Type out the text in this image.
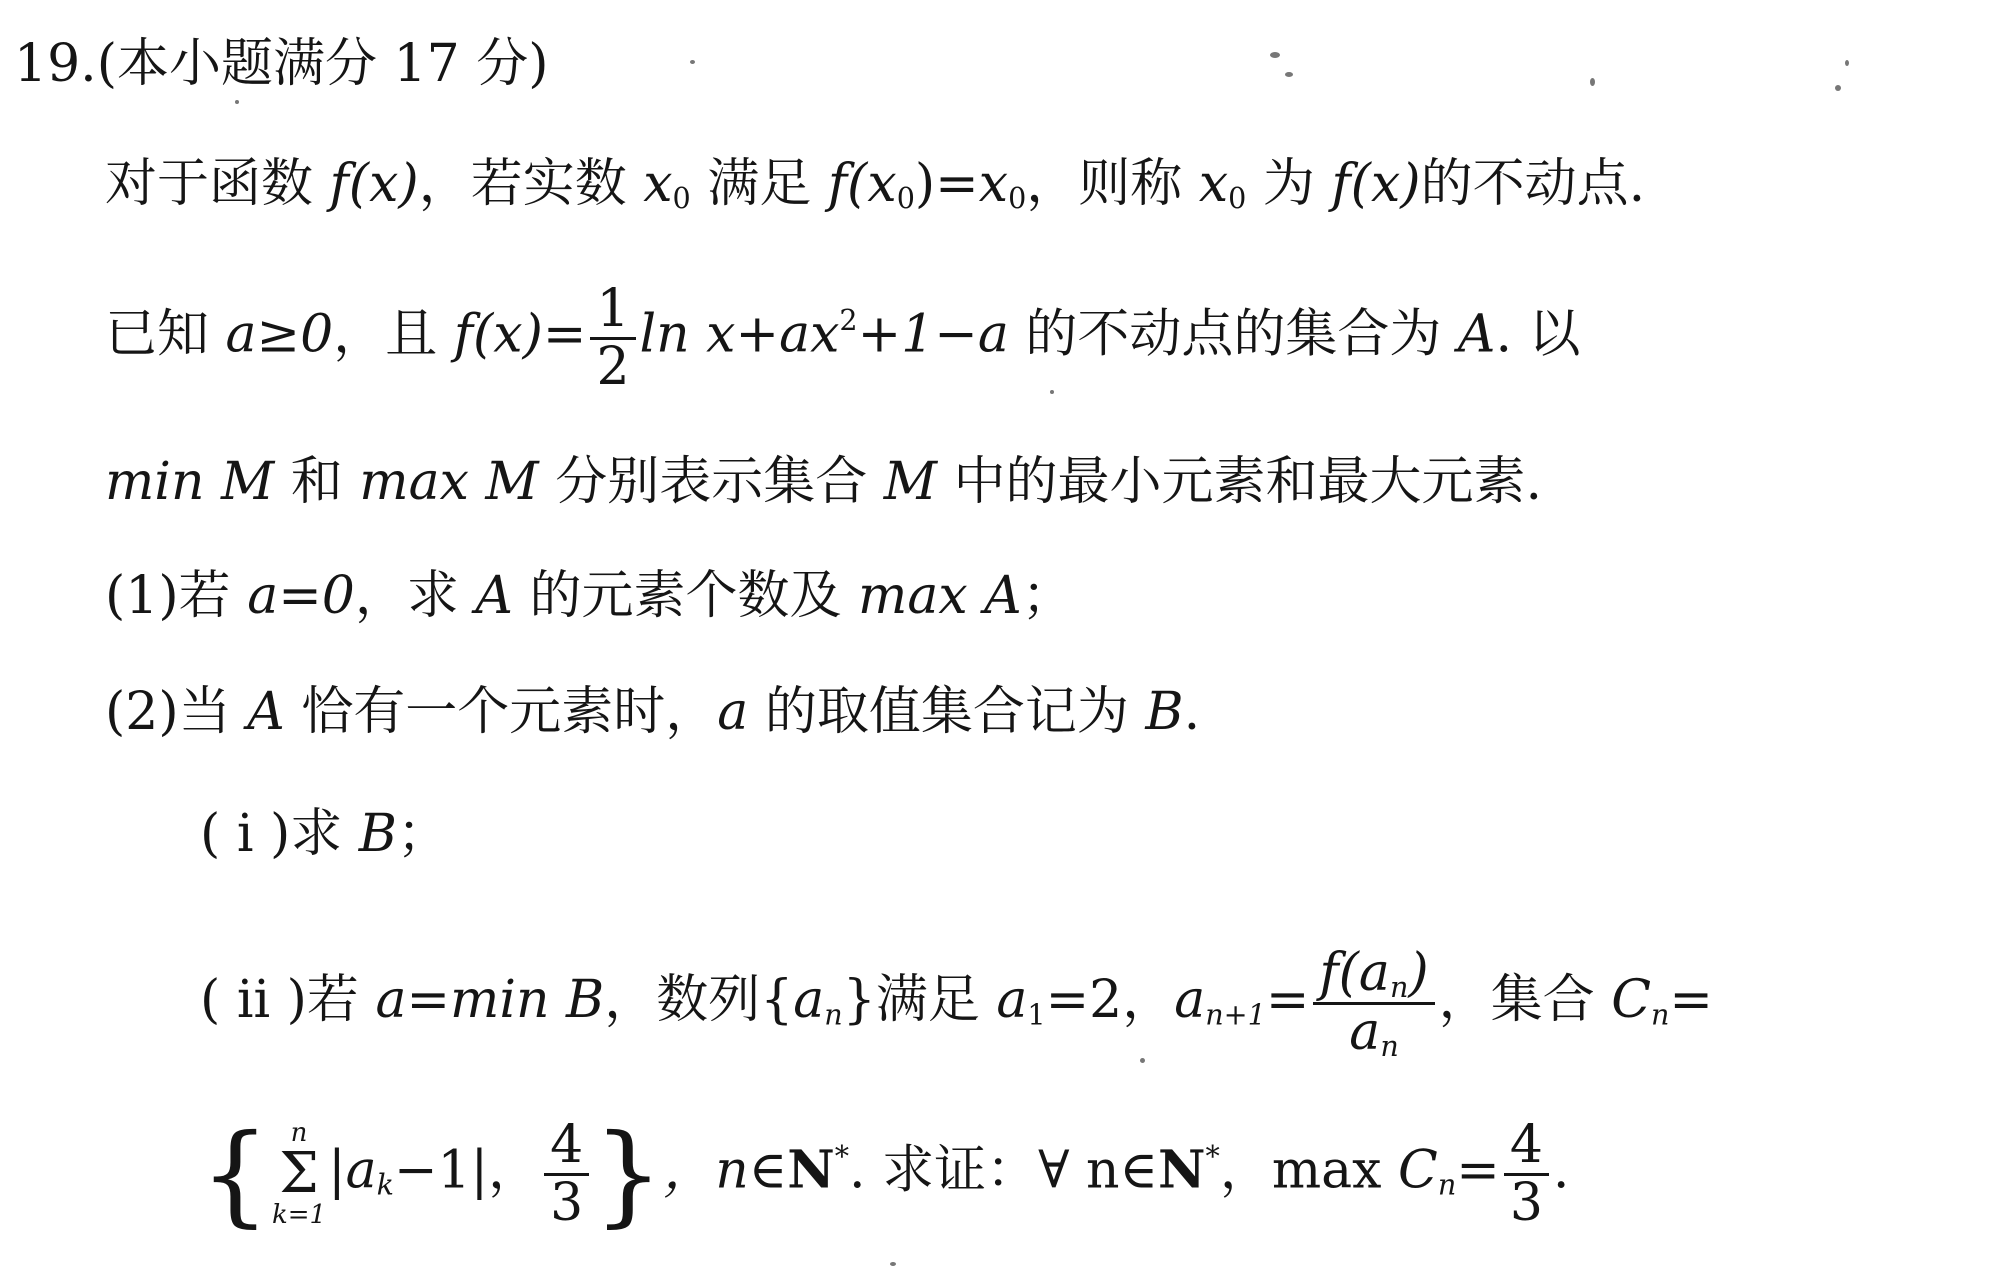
19.(本小题满分 17 分)
对于函数 f(x)，若实数 $x_0$ 满足 $f(x_0)=x_0$，则称 $x_0$ 为 f(x)的不动点.
已知 a≥0，且 $f(x)= \frac{1}{2}$ $\ln x+ax^2+1-a$ 的不动点的集合为 A. 以
min M 和 max M 分别表示集合 M 中的最小元素和最大元素.
(1)若 a=0，求 A 的元素个数及 max A；
(2)当 A 恰有一个元素时，a 的取值集合记为 B.
( ⅰ )求 B；
( ⅱ )若 a=min B，数列$\{a_n\}$满足 $a_1=2$，$a_{n+1}= \frac{f(a_n)}{a_n}$ ，集合 $C_n=$
{ n
Σ
k=1
$|a_k-1|$， $\frac{4}{3}$ }，n∈N*. 求证：∀ n∈N*，$\max C_n= \frac{4}{3}$ .
